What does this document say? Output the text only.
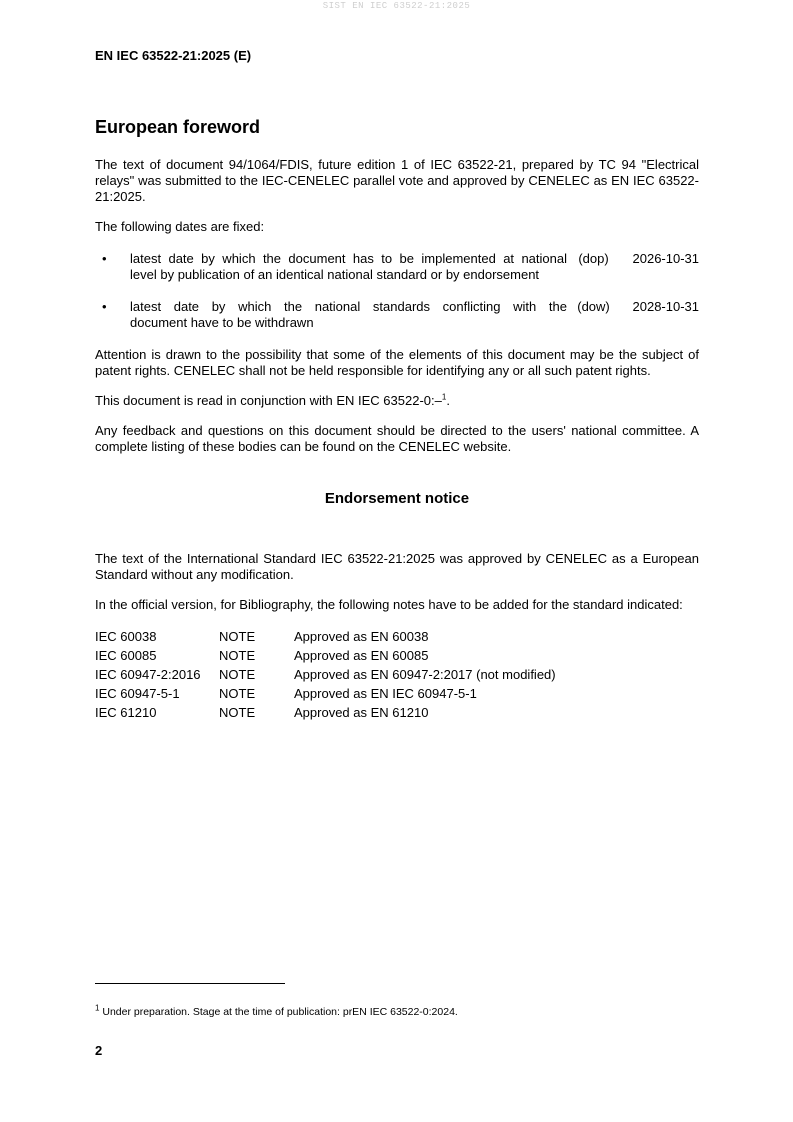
SIST EN IEC 63522-21:2025
EN IEC 63522-21:2025 (E)
European foreword

The text of document 94/1064/FDIS, future edition 1 of IEC 63522-21, prepared by TC 94 "Electrical relays" was submitted to the IEC-CENELEC parallel vote and approved by CENELEC as EN IEC 63522-21:2025.

The following dates are fixed:

•	latest date by which the document has to be implemented at national
level by publication of an identical national standard or by endorsement
(dop)	2026-10-31
•	latest date by which the national standards conflicting with the
document have to be withdrawn
(dow)	2028-10-31

Attention is drawn to the possibility that some of the elements of this document may be the subject of patent rights. CENELEC shall not be held responsible for identifying any or all such patent rights.

This document is read in conjunction with EN IEC 63522-0:–$^1$.

Any feedback and questions on this document should be directed to the users' national committee. A complete listing of these bodies can be found on the CENELEC website.

Endorsement notice

The text of the International Standard IEC 63522-21:2025 was approved by CENELEC as a European Standard without any modification.

In the official version, for Bibliography, the following notes have to be added for the standard indicated:

IEC 60038	NOTE	Approved as EN 60038
IEC 60085	NOTE	Approved as EN 60085
IEC 60947-2:2016	NOTE	Approved as EN 60947-2:2017 (not modified)
IEC 60947-5-1	NOTE	Approved as EN IEC 60947-5-1
IEC 61210	NOTE	Approved as EN 61210
$^1$ Under preparation. Stage at the time of publication: prEN IEC 63522-0:2024.
2
